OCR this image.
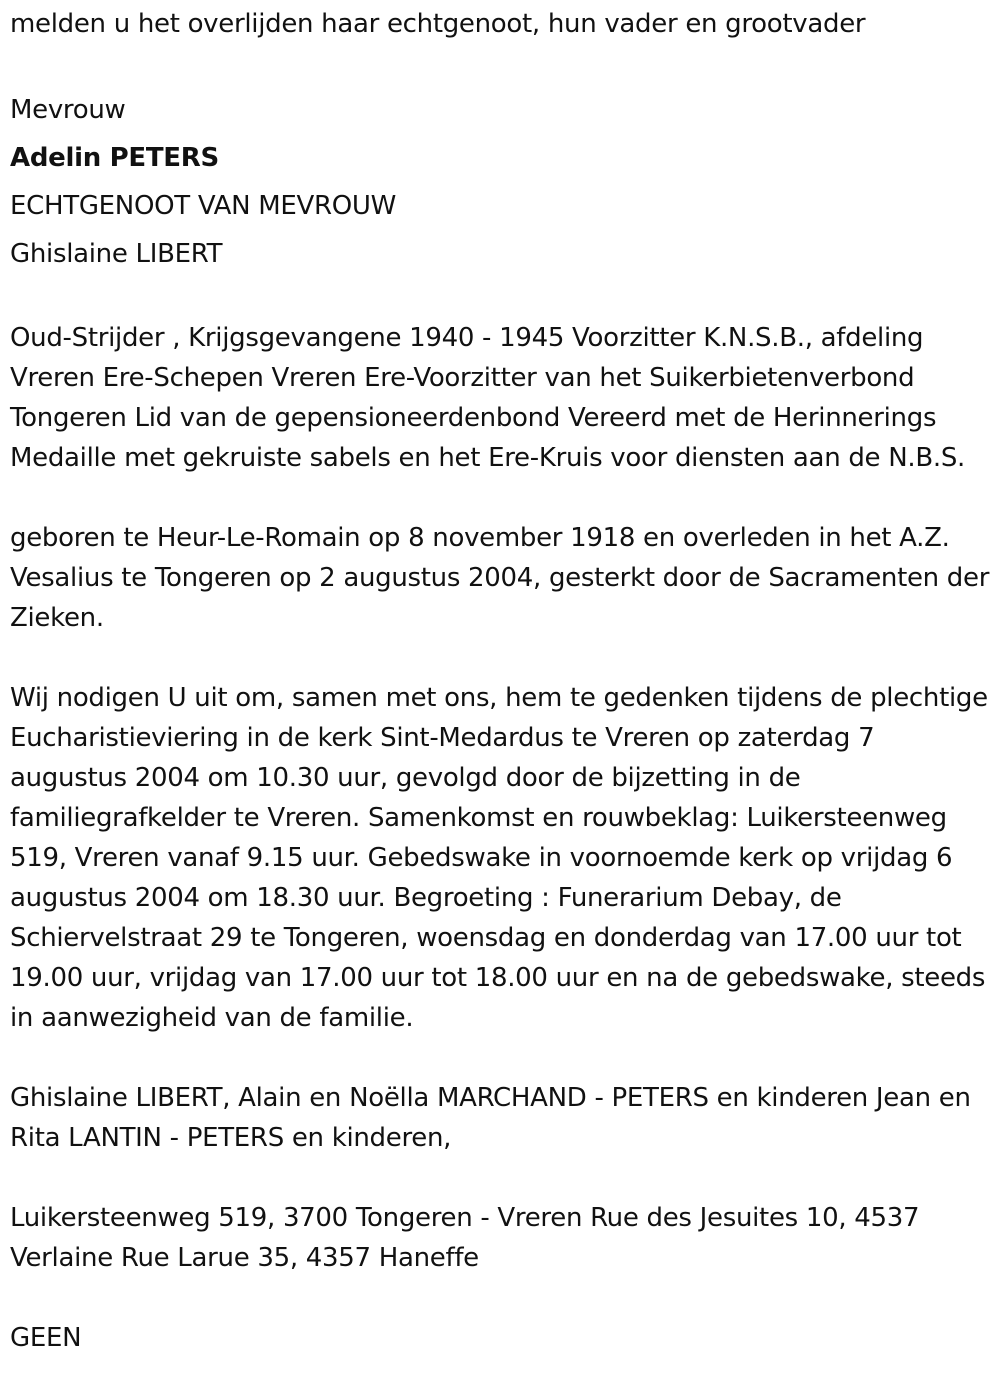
melden u het overlijden haar echtgenoot, hun vader en grootvader

Mevrouw

Adelin PETERS

ECHTGENOOT VAN MEVROUW

Ghislaine LIBERT

Oud-Strijder , Krijgsgevangene 1940 - 1945 Voorzitter K.N.S.B., afdeling Vreren Ere-Schepen Vreren Ere-Voorzitter van het Suikerbietenverbond Tongeren Lid van de gepensioneerdenbond Vereerd met de Herinnerings Medaille met gekruiste sabels en het Ere-Kruis voor diensten aan de N.B.S.

geboren te Heur-Le-Romain op 8 november 1918 en overleden in het A.Z. Vesalius te Tongeren op 2 augustus 2004, gesterkt door de Sacramenten der Zieken.

Wij nodigen U uit om, samen met ons, hem te gedenken tijdens de plechtige Eucharistieviering in de kerk Sint-Medardus te Vreren op zaterdag 7 augustus 2004 om 10.30 uur, gevolgd door de bijzetting in de familiegrafkelder te Vreren. Samenkomst en rouwbeklag: Luikersteenweg 519, Vreren vanaf 9.15 uur. Gebedswake in voornoemde kerk op vrijdag 6 augustus 2004 om 18.30 uur. Begroeting : Funerarium Debay, de Schiervelstraat 29 te Tongeren, woensdag en donderdag van 17.00 uur tot 19.00 uur, vrijdag van 17.00 uur tot 18.00 uur en na de gebedswake, steeds in aanwezigheid van de familie.

Ghislaine LIBERT, Alain en Noëlla MARCHAND - PETERS en kinderen Jean en Rita LANTIN - PETERS en kinderen,

Luikersteenweg 519, 3700 Tongeren - Vreren Rue des Jesuites 10, 4537 Verlaine Rue Larue 35, 4357 Haneffe

GEEN
